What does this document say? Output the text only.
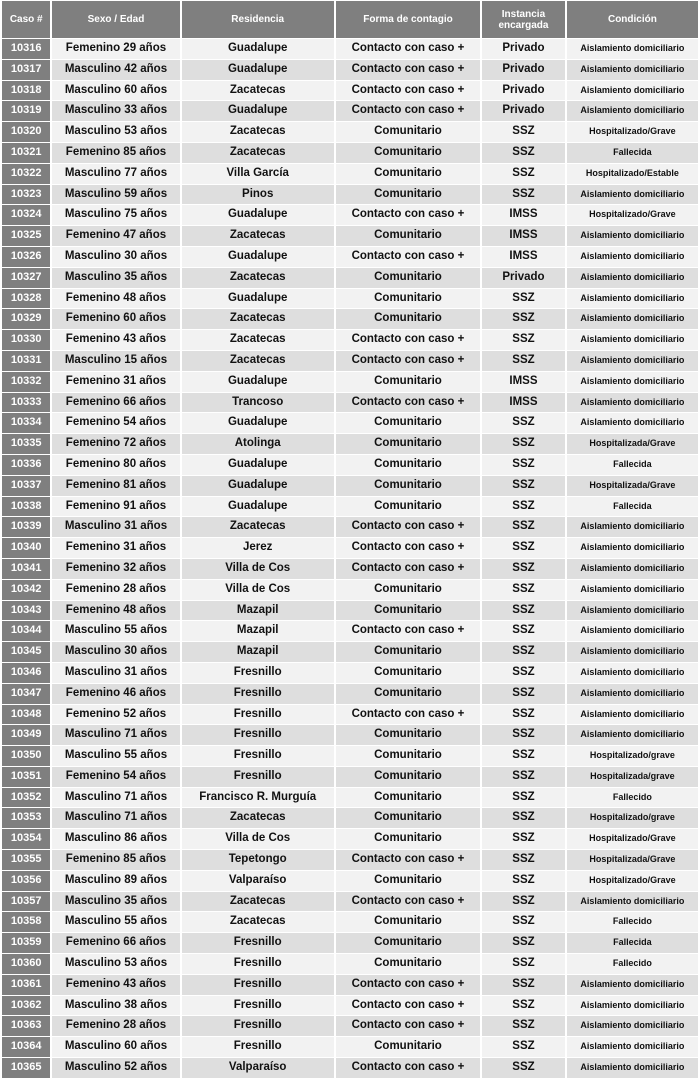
Caso #	Sexo / Edad	Residencia	Forma de contagio	Instancia encargada	Condición
10316	Femenino 29 años	Guadalupe	Contacto con caso +	Privado	Aislamiento domiciliario
10317	Masculino 42 años	Guadalupe	Contacto con caso +	Privado	Aislamiento domiciliario
10318	Masculino 60 años	Zacatecas	Contacto con caso +	Privado	Aislamiento domiciliario
10319	Masculino 33 años	Guadalupe	Contacto con caso +	Privado	Aislamiento domiciliario
10320	Masculino 53 años	Zacatecas	Comunitario	SSZ	Hospitalizado/Grave
10321	Femenino 85 años	Zacatecas	Comunitario	SSZ	Fallecida
10322	Masculino 77 años	Villa García	Comunitario	SSZ	Hospitalizado/Estable
10323	Masculino 59 años	Pinos	Comunitario	SSZ	Aislamiento domiciliario
10324	Masculino 75 años	Guadalupe	Contacto con caso +	IMSS	Hospitalizado/Grave
10325	Femenino 47 años	Zacatecas	Comunitario	IMSS	Aislamiento domiciliario
10326	Masculino 30 años	Guadalupe	Contacto con caso +	IMSS	Aislamiento domiciliario
10327	Masculino 35 años	Zacatecas	Comunitario	Privado	Aislamiento domiciliario
10328	Femenino 48 años	Guadalupe	Comunitario	SSZ	Aislamiento domiciliario
10329	Femenino 60 años	Zacatecas	Comunitario	SSZ	Aislamiento domiciliario
10330	Femenino 43 años	Zacatecas	Contacto con caso +	SSZ	Aislamiento domiciliario
10331	Masculino 15 años	Zacatecas	Contacto con caso +	SSZ	Aislamiento domiciliario
10332	Femenino 31 años	Guadalupe	Comunitario	IMSS	Aislamiento domiciliario
10333	Femenino 66 años	Trancoso	Contacto con caso +	IMSS	Aislamiento domiciliario
10334	Femenino 54 años	Guadalupe	Comunitario	SSZ	Aislamiento domiciliario
10335	Femenino 72 años	Atolinga	Comunitario	SSZ	Hospitalizada/Grave
10336	Femenino 80 años	Guadalupe	Comunitario	SSZ	Fallecida
10337	Femenino 81 años	Guadalupe	Comunitario	SSZ	Hospitalizada/Grave
10338	Femenino 91 años	Guadalupe	Comunitario	SSZ	Fallecida
10339	Masculino 31 años	Zacatecas	Contacto con caso +	SSZ	Aislamiento domiciliario
10340	Femenino 31 años	Jerez	Contacto con caso +	SSZ	Aislamiento domiciliario
10341	Femenino 32 años	Villa de Cos	Contacto con caso +	SSZ	Aislamiento domiciliario
10342	Femenino 28 años	Villa de Cos	Comunitario	SSZ	Aislamiento domiciliario
10343	Femenino 48 años	Mazapil	Comunitario	SSZ	Aislamiento domiciliario
10344	Masculino 55 años	Mazapil	Contacto con caso +	SSZ	Aislamiento domiciliario
10345	Masculino 30 años	Mazapil	Comunitario	SSZ	Aislamiento domiciliario
10346	Masculino 31 años	Fresnillo	Comunitario	SSZ	Aislamiento domiciliario
10347	Femenino 46 años	Fresnillo	Comunitario	SSZ	Aislamiento domiciliario
10348	Femenino 52 años	Fresnillo	Contacto con caso +	SSZ	Aislamiento domiciliario
10349	Masculino 71 años	Fresnillo	Comunitario	SSZ	Aislamiento domiciliario
10350	Masculino 55 años	Fresnillo	Comunitario	SSZ	Hospitalizado/grave
10351	Femenino 54 años	Fresnillo	Comunitario	SSZ	Hospitalizada/grave
10352	Masculino 71 años	Francisco R. Murguía	Comunitario	SSZ	Fallecido
10353	Masculino 71 años	Zacatecas	Comunitario	SSZ	Hospitalizado/grave
10354	Masculino 86 años	Villa de Cos	Comunitario	SSZ	Hospitalizado/Grave
10355	Femenino 85 años	Tepetongo	Contacto con caso +	SSZ	Hospitalizada/Grave
10356	Masculino 89 años	Valparaíso	Comunitario	SSZ	Hospitalizado/Grave
10357	Masculino 35 años	Zacatecas	Contacto con caso +	SSZ	Aislamiento domiciliario
10358	Masculino 55 años	Zacatecas	Comunitario	SSZ	Fallecido
10359	Femenino 66 años	Fresnillo	Comunitario	SSZ	Fallecida
10360	Masculino 53 años	Fresnillo	Comunitario	SSZ	Fallecido
10361	Femenino 43 años	Fresnillo	Contacto con caso +	SSZ	Aislamiento domiciliario
10362	Masculino 38 años	Fresnillo	Contacto con caso +	SSZ	Aislamiento domiciliario
10363	Femenino 28 años	Fresnillo	Contacto con caso +	SSZ	Aislamiento domiciliario
10364	Masculino 60 años	Fresnillo	Comunitario	SSZ	Aislamiento domiciliario
10365	Masculino 52 años	Valparaíso	Contacto con caso +	SSZ	Aislamiento domiciliario
